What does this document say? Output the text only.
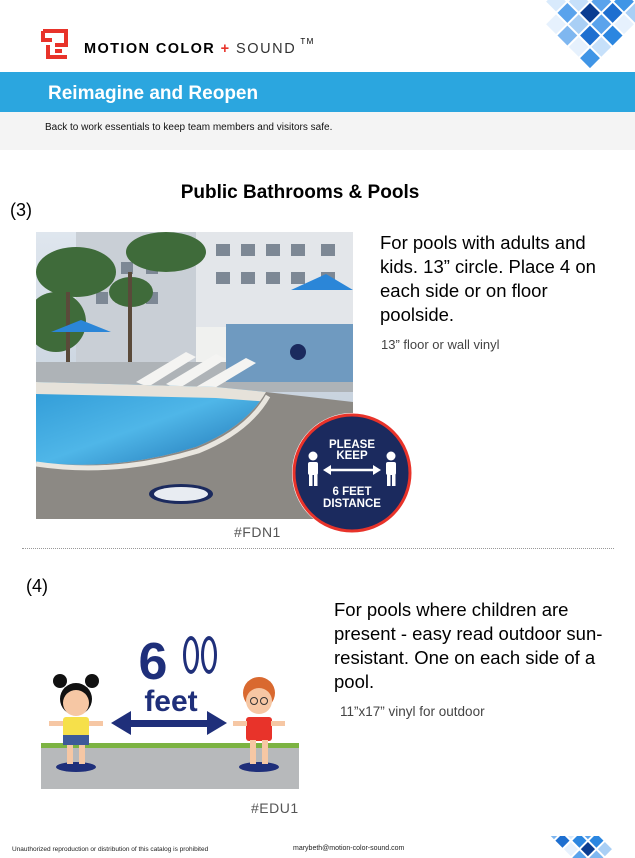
MOTION COLOR + SOUND ™
Reimagine and Reopen
Back to work essentials to keep team members and visitors safe.
Public Bathrooms & Pools
(3)
PLEASE
KEEP
6 FEET
DISTANCE
#FDN1
For pools with adults and kids. 13” circle. Place 4 on each side or on floor poolside.
13” floor or wall vinyl
(4)
6
feet
#EDU1
For pools where children are present - easy read outdoor sun-resistant. One on each side of a pool.
11”x17” vinyl for outdoor
Unauthorized reproduction or distribution of this catalog is prohibited	marybeth@motion-color-sound.com
